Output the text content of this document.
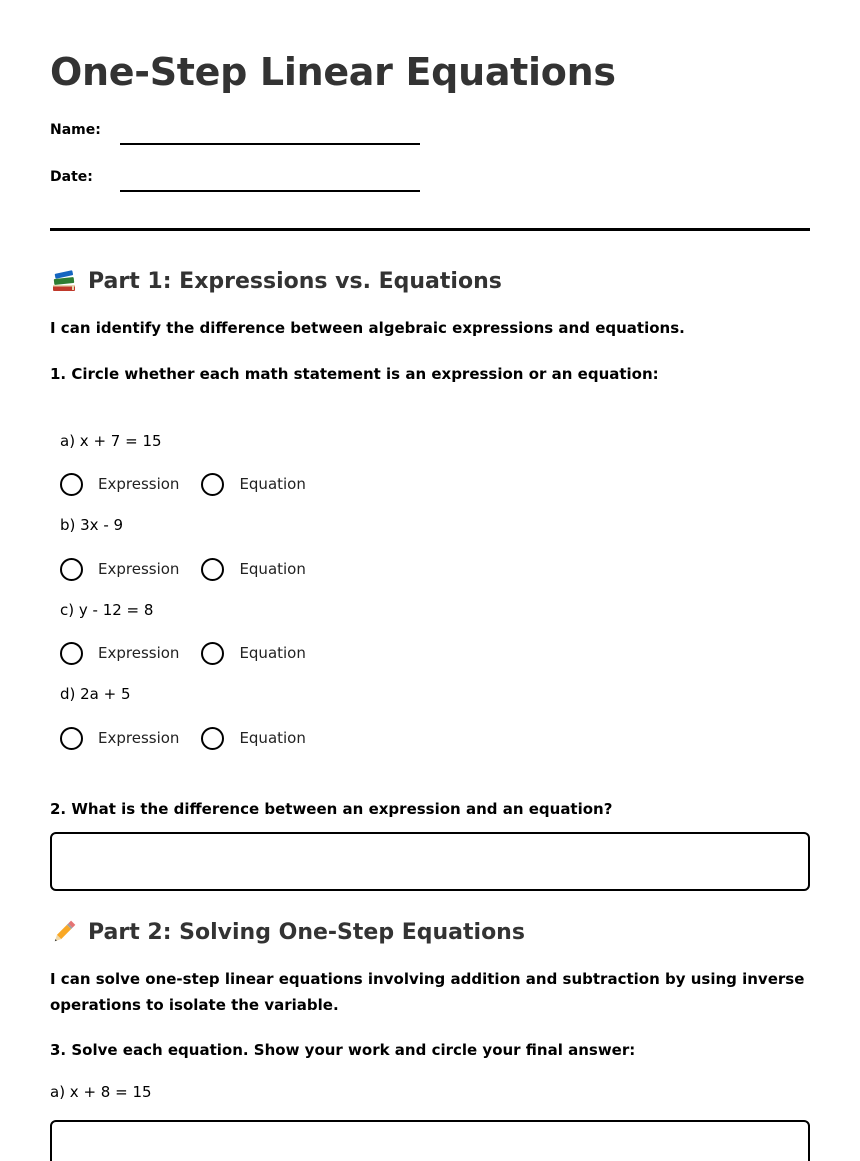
One-Step Linear Equations
Name:
Date:
Part 1: Expressions vs. Equations
I can identify the difference between algebraic expressions and equations.
1. Circle whether each math statement is an expression or an equation:
a) x + 7 = 15
Expression	Equation
b) 3x - 9
Expression	Equation
c) y - 12 = 8
Expression	Equation
d) 2a + 5
Expression	Equation
2. What is the difference between an expression and an equation?
Part 2: Solving One-Step Equations
I can solve one-step linear equations involving addition and subtraction by using inverse operations to isolate the variable.
3. Solve each equation. Show your work and circle your final answer:
a) x + 8 = 15
